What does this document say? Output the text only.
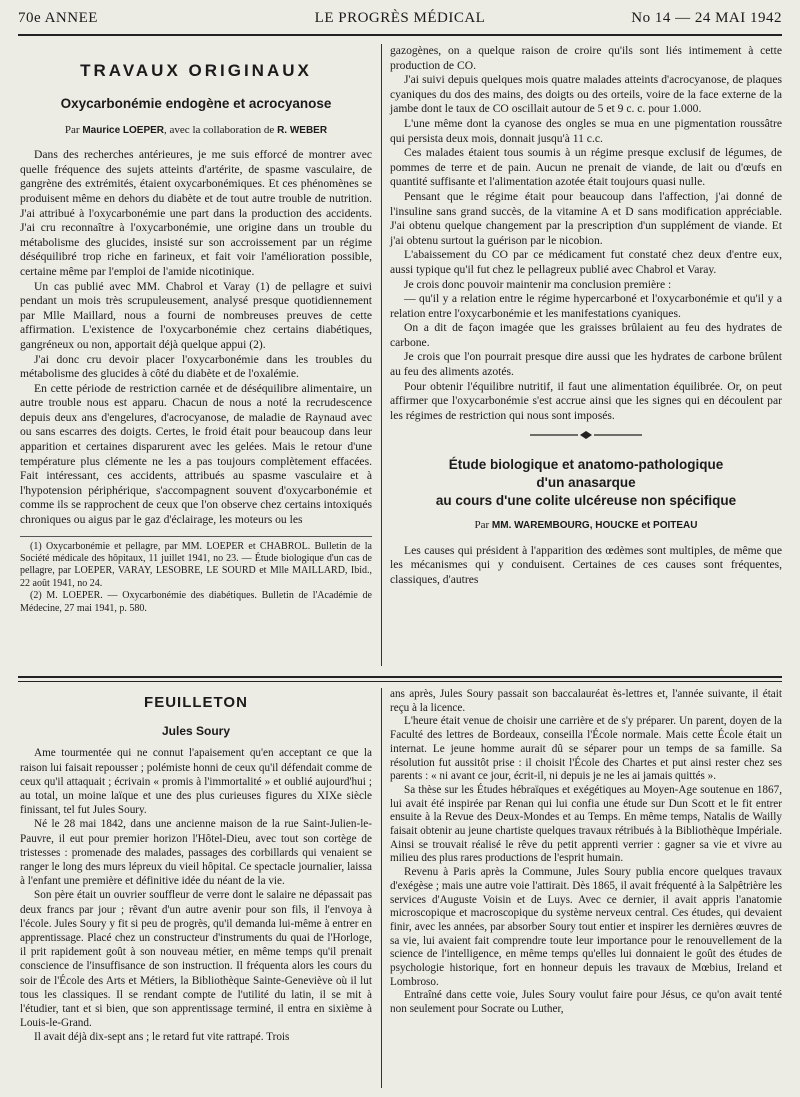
70e ANNEE	LE PROGRÈS MÉDICAL	No 14 — 24 MAI 1942
TRAVAUX ORIGINAUX
Oxycarbonémie endogène et acrocyanose
Par Maurice LOEPER, avec la collaboration de R. WEBER

Dans des recherches antérieures, je me suis efforcé de montrer avec quelle fréquence des sujets atteints d'artérite, de spasme vasculaire, de gangrène des extrémités, étaient oxycarbonémiques. Et ces phénomènes se produisent même en dehors du diabète et de tout autre trouble de nutrition. J'ai attribué à l'oxycarbonémie une part dans la production des accidents. J'ai cru reconnaître à l'oxycarbonémie, une origine dans un trouble du métabolisme des glucides, insisté sur son accroissement par un régime déséquilibré trop riche en farineux, et fait voir l'amélioration possible, certaine même par l'emploi de l'amide nicotinique.

Un cas publié avec MM. Chabrol et Varay (1) de pellagre et suivi pendant un mois très scrupuleusement, analysé presque quotidiennement par Mlle Maillard, nous a fourni de nombreuses preuves de cette affirmation. L'existence de l'oxycarbonémie chez certains diabétiques, gangréneux ou non, apportait déjà quelque appui (2).

J'ai donc cru devoir placer l'oxycarbonémie dans les troubles du métabolisme des glucides à côté du diabète et de l'oxalémie.

En cette période de restriction carnée et de déséquilibre alimentaire, un autre trouble nous est apparu. Chacun de nous a noté la recrudescence depuis deux ans d'engelures, d'acrocyanose, de maladie de Raynaud avec ou sans escarres des doigts. Certes, le froid était pour beaucoup dans leur apparition et certaines disparurent avec les gelées. Mais le retour d'une température plus clémente ne les a pas toujours complètement effacées. Fait intéressant, ces accidents, attribués au spasme vasculaire et à l'hypotension périphérique, s'accompagnent souvent d'oxycarbonémie et comme ils se rapprochent de ceux que l'on observe chez certains intoxiqués chroniques ou aigus par le gaz d'éclairage, les moteurs ou les

(1) Oxycarbonémie et pellagre, par MM. LOEPER et CHABROL. Bulletin de la Société médicale des hôpitaux, 11 juillet 1941, no 23. — Étude biologique d'un cas de pellagre, par LOEPER, VARAY, LESOBRE, LE SOURD et Mlle MAILLARD, Ibid., 22 août 1941, no 24.
(2) M. LOEPER. — Oxycarbonémie des diabétiques. Bulletin de l'Académie de Médecine, 27 mai 1941, p. 580.

gazogènes, on a quelque raison de croire qu'ils sont liés intimement à cette production de CO.

J'ai suivi depuis quelques mois quatre malades atteints d'acrocyanose, de plaques cyaniques du dos des mains, des doigts ou des orteils, voire de la face externe de la jambe dont le taux de CO oscillait autour de 5 et 9 c. c. pour 1.000.

L'une même dont la cyanose des ongles se mua en une pigmentation roussâtre qui persista deux mois, donnait jusqu'à 11 c.c.

Ces malades étaient tous soumis à un régime presque exclusif de légumes, de pommes de terre et de pain. Aucun ne prenait de viande, de lait ou d'œufs en quantité suffisante et l'alimentation azotée était toujours quasi nulle.

Pensant que le régime était pour beaucoup dans l'affection, j'ai donné de l'insuline sans grand succès, de la vitamine A et D sans modification appréciable. J'ai obtenu quelque changement par la prescription d'un supplément de viande. Et j'ai obtenu surtout la guérison par le nicobion.

L'abaissement du CO par ce médicament fut constaté chez deux d'entre eux, aussi typique qu'il fut chez le pellagreux publié avec Chabrol et Varay.

Je crois donc pouvoir maintenir ma conclusion première :

— qu'il y a relation entre le régime hypercarboné et l'oxycarbonémie et qu'il y a relation entre l'oxycarbonémie et les manifestations cyaniques.

On a dit de façon imagée que les graisses brûlaient au feu des hydrates de carbone.

Je crois que l'on pourrait presque dire aussi que les hydrates de carbone brûlent au feu des aliments azotés.

Pour obtenir l'équilibre nutritif, il faut une alimentation équilibrée. Or, on peut affirmer que l'oxycarbonémie s'est accrue ainsi que les signes qui en découlent par les régimes de restriction qui nous sont imposés.

Étude biologique et anatomo-pathologique
d'un anasarque
au cours d'une colite ulcéreuse non spécifique
Par MM. WAREMBOURG, HOUCKE et POITEAU

Les causes qui président à l'apparition des œdèmes sont multiples, de même que les mécanismes qui y conduisent. Certaines de ces causes sont fréquentes, classiques, d'autres

FEUILLETON
Jules Soury

Ame tourmentée qui ne connut l'apaisement qu'en acceptant ce que la raison lui faisait repousser ; polémiste honni de ceux qu'il défendait comme de ceux qu'il attaquait ; écrivain « promis à l'immortalité » et oublié aujourd'hui ; au total, un moine laïque et une des plus curieuses figures du XIXe siècle finissant, tel fut Jules Soury.

Né le 28 mai 1842, dans une ancienne maison de la rue Saint-Julien-le-Pauvre, il eut pour premier horizon l'Hôtel-Dieu, avec tout son cortège de tristesses : promenade des malades, passages des corbillards qui venaient se ranger le long des murs lépreux du vieil hôpital. Ce spectacle journalier, laissa à l'enfant une première et définitive idée du néant de la vie.

Son père était un ouvrier souffleur de verre dont le salaire ne dépassait pas deux francs par jour ; rêvant d'un autre avenir pour son fils, il l'envoya à l'école. Jules Soury y fit si peu de progrès, qu'il demanda lui-même à entrer en apprentissage. Placé chez un constructeur d'instruments du quai de l'Horloge, il prit rapidement goût à son nouveau métier, en même temps qu'il prenait conscience de l'insuffisance de son instruction. Il fréquenta alors les cours du soir de l'École des Arts et Métiers, la Bibliothèque Sainte-Geneviève où il lut tous les classiques. Il se rendant compte de l'utilité du latin, il se mit à l'étudier, tant et si bien, que son apprentissage terminé, il entra en sixième à Louis-le-Grand.

Il avait déjà dix-sept ans ; le retard fut vite rattrapé. Trois

ans après, Jules Soury passait son baccalauréat ès-lettres et, l'année suivante, il était reçu à la licence.

L'heure était venue de choisir une carrière et de s'y préparer. Un parent, doyen de la Faculté des lettres de Bordeaux, conseilla l'École normale. Mais cette École était un internat. Le jeune homme aurait dû se séparer pour un temps de sa famille. Sa résolution fut aussitôt prise : il choisit l'École des Chartes et put ainsi rester chez ses parents : « ni avant ce jour, écrit-il, ni depuis je ne les ai jamais quittés ».

Sa thèse sur les Études hébraïques et exégétiques au Moyen-Age soutenue en 1867, lui avait été inspirée par Renan qui lui confia une étude sur Dun Scott et le fit entrer ensuite à la Revue des Deux-Mondes et au Temps. En même temps, Natalis de Wailly faisait obtenir au jeune chartiste quelques travaux rétribués à la Bibliothèque Impériale. Ainsi se trouvait réalisé le rêve du petit apprenti verrier : gagner sa vie et vivre au milieu des plus rares productions de l'esprit humain.

Revenu à Paris après la Commune, Jules Soury publia encore quelques travaux d'exégèse ; mais une autre voie l'attirait. Dès 1865, il avait fréquenté à la Salpêtrière les services d'Auguste Voisin et de Luys. Avec ce dernier, il avait appris l'anatomie microscopique et macroscopique du système nerveux central. Ces études, qui devaient finir, avec les années, par absorber Soury tout entier et inspirer les dernières œuvres de sa vie, lui avaient fait comprendre toute leur importance pour le renouvellement de la science de l'intelligence, en même temps qu'elles lui donnaient le goût des études de psychologie historique, fort en honneur depuis les travaux de Mœbius, Ireland et Lombroso.

Entraîné dans cette voie, Jules Soury voulut faire pour Jésus, ce qu'on avait tenté non seulement pour Socrate ou Luther,
